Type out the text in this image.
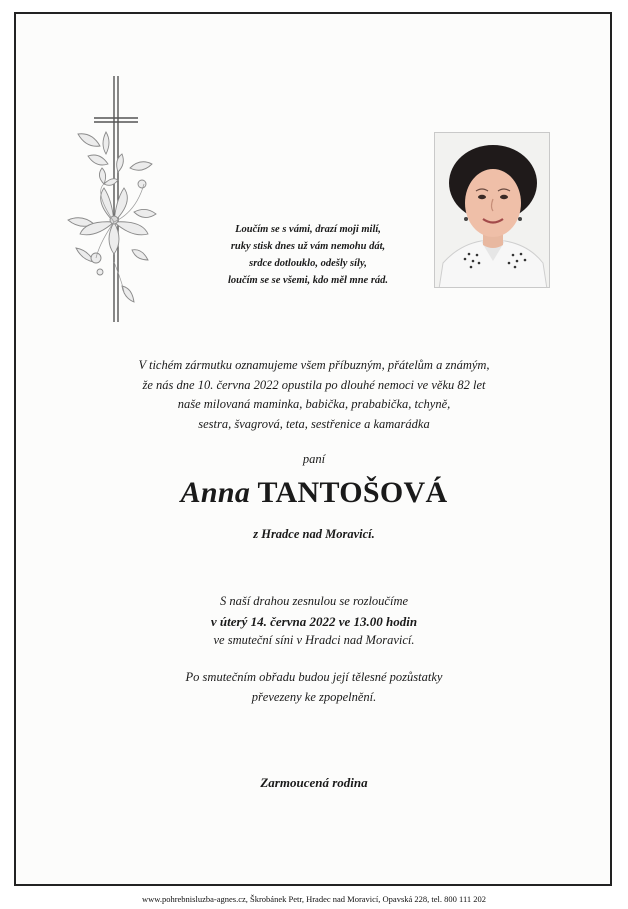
Loučím se s vámi, drazí moji milí,
ruky stisk dnes už vám nemohu dát,
srdce dotlouklo, odešly síly,
loučím se se všemi, kdo měl mne rád.
V tichém zármutku oznamujeme všem příbuzným, přátelům a známým,
že nás dne 10. června 2022 opustila po dlouhé nemoci ve věku 82 let
naše milovaná maminka, babička, prababička, tchyně,
sestra, švagrová, teta, sestřenice a kamarádka
paní
Anna TANTOŠOVÁ
z Hradce nad Moravicí.
S naší drahou zesnulou se rozloučíme
v úterý 14. června 2022 ve 13.00 hodin
ve smuteční síni v Hradci nad Moravicí.
Po smutečním obřadu budou její tělesné pozůstatky
převezeny ke zpopelnění.
Zarmoucená rodina
www.pohrebnisluzba-agnes.cz, Škrobánek Petr, Hradec nad Moravicí, Opavská 228, tel. 800 111 202
